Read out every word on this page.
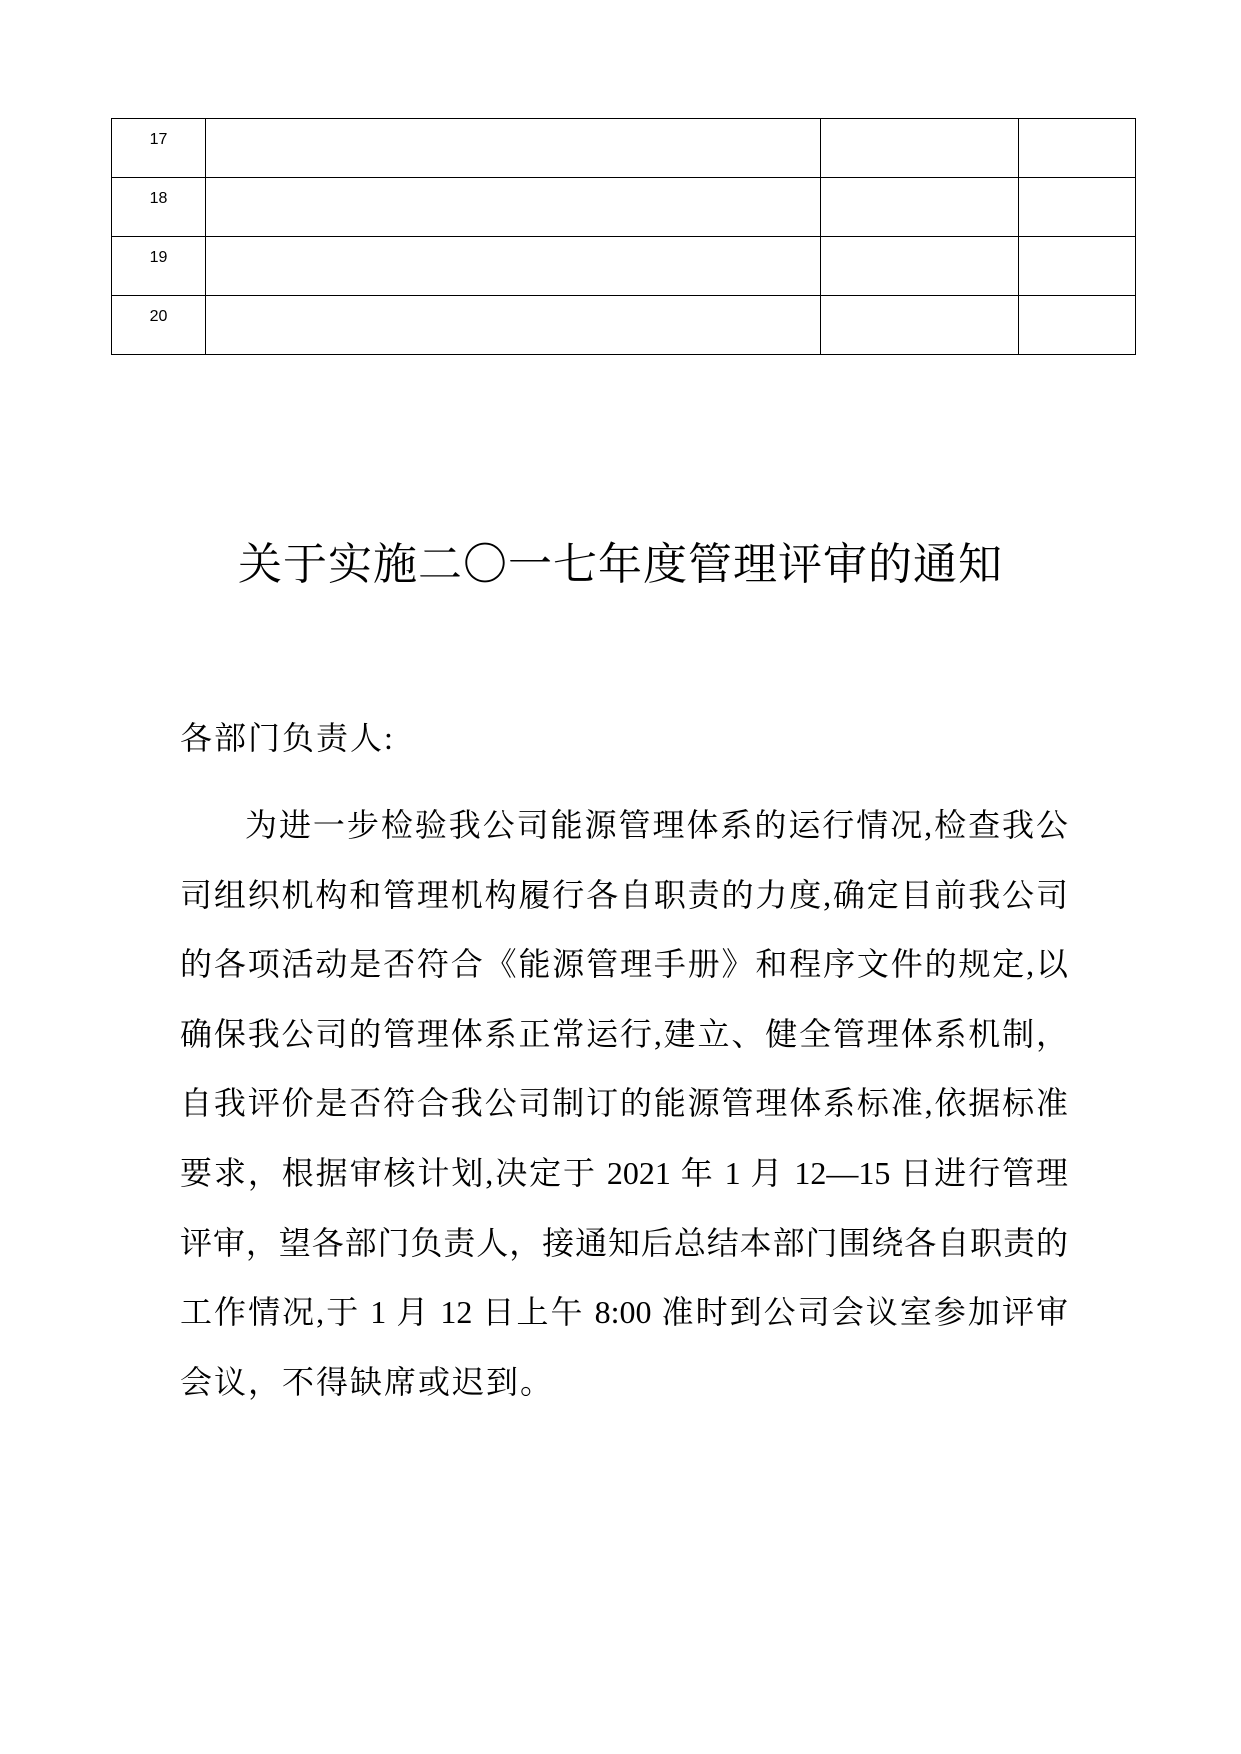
17			

18			

19			

20			

关于实施二〇一七年度管理评审的通知
各部门负责人:
为进一步检验我公司能源管理体系的运行情况,检查我公
司组织机构和管理机构履行各自职责的力度,确定目前我公司
的各项活动是否符合《能源管理手册》和程序文件的规定,以
确保我公司的管理体系正常运行,建立、健全管理体系机制，
自我评价是否符合我公司制订的能源管理体系标准,依据标准
要求，根据审核计划,决定于 2021 年 1 月 12—15 日进行管理
评审，望各部门负责人，接通知后总结本部门围绕各自职责的
工作情况,于 1 月 12 日上午 8:00 准时到公司会议室参加评审
会议，不得缺席或迟到。
